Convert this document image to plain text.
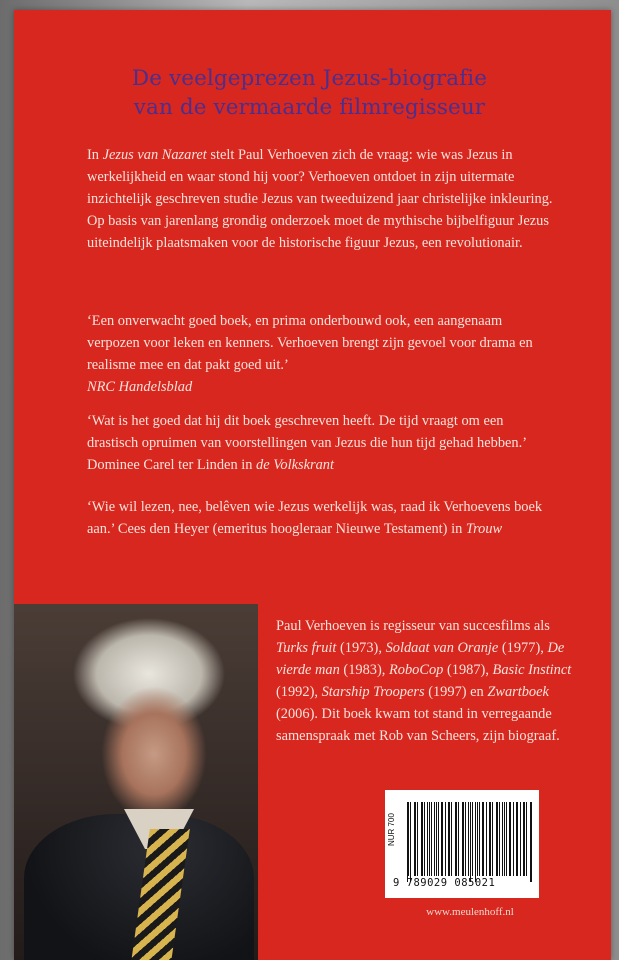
De veelgeprezen Jezus-biografie
van de vermaarde filmregisseur
In Jezus van Nazaret stelt Paul Verhoeven zich de vraag: wie was Jezus in werkelijkheid en waar stond hij voor? Verhoeven ontdoet in zijn uitermate inzichtelijk geschreven studie Jezus van tweeduizend jaar christelijke inkleuring. Op basis van jarenlang grondig onderzoek moet de mythische bijbelfiguur Jezus uiteindelijk plaatsmaken voor de historische figuur Jezus, een revolutionair.
‘Een onverwacht goed boek, en prima onderbouwd ook, een aangenaam verpozen voor leken en kenners. Verhoeven brengt zijn gevoel voor drama en realisme mee en dat pakt goed uit.’
NRC Handelsblad
‘Wat is het goed dat hij dit boek geschreven heeft. De tijd vraagt om een drastisch opruimen van voorstellingen van Jezus die hun tijd gehad hebben.’ Dominee Carel ter Linden in de Volkskrant
‘Wie wil lezen, nee, belêven wie Jezus werkelijk was, raad ik Verhoevens boek aan.’ Cees den Heyer (emeritus hoogleraar Nieuwe Testament) in Trouw
Paul Verhoeven is regisseur van succesfilms als Turks fruit (1973), Soldaat van Oranje (1977), De vierde man (1983), RoboCop (1987), Basic Instinct (1992), Starship Troopers (1997) en Zwartboek (2006). Dit boek kwam tot stand in verregaande samenspraak met Rob van Scheers, zijn biograaf.
NUR 700
9 789029 085021
www.meulenhoff.nl
